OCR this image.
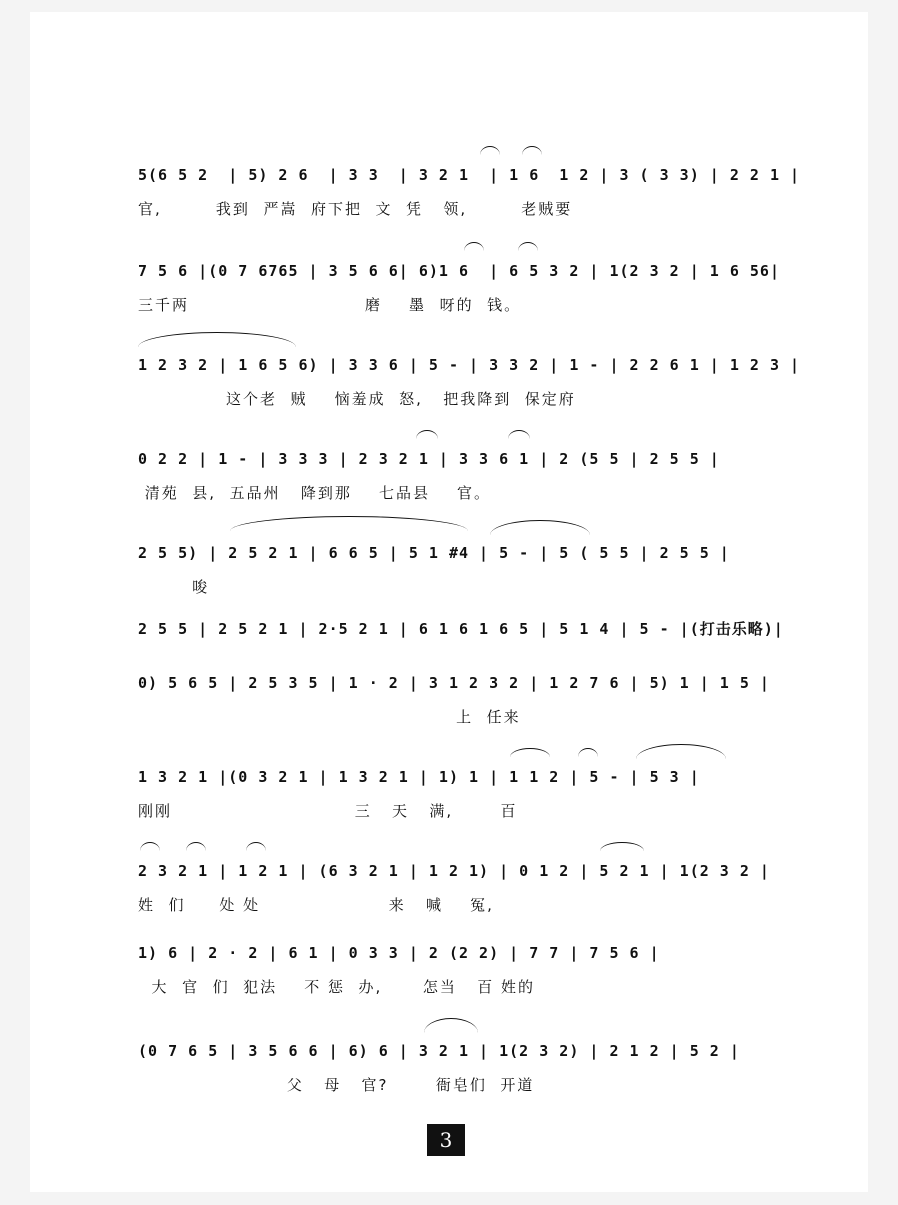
5(6 5 2  | 5) 2 6  | 3 3  | 3 2 1  | 1 6  1 2 | 3 ( 3 3) | 2 2 1 |
官,        我到  严嵩  府下把  文  凭   领,        老贼要
7 5 6 |(0 7 6765 | 3 5 6 6| 6)1 6  | 6 5 3 2 | 1(2 3 2 | 1 6 56|
三千两                          磨    墨  呀的  钱。
1 2 3 2 | 1 6 5 6) | 3 3 6 | 5 - | 3 3 2 | 1 - | 2 2 6 1 | 1 2 3 |
这个老  贼    恼羞成  怒,   把我降到  保定府
0 2 2 | 1 - | 3 3 3 | 2 3 2 1 | 3 3 6 1 | 2 (5 5 | 2 5 5 |
清苑  县,  五品州   降到那    七品县    官。
2 5 5) | 2 5 2 1 | 6 6 5 | 5 1 #4 | 5 - | 5 ( 5 5 | 2 5 5 |
唆
2 5 5 | 2 5 2 1 | 2·5 2 1 | 6 1 6 1 6 5 | 5 1 4 | 5 - |(打击乐略)|
0) 5 6 5 | 2 5 3 5 | 1 · 2 | 3 1 2 3 2 | 1 2 7 6 | 5) 1 | 1 5 |
上  任来
1 3 2 1 |(0 3 2 1 | 1 3 2 1 | 1) 1 | 1 1 2 | 5 - | 5 3 |
刚刚                           三   天   满,       百
2 3 2 1 | 1 2 1 | (6 3 2 1 | 1 2 1) | 0 1 2 | 5 2 1 | 1(2 3 2 |
姓  们     处 处                   来   喊    冤,
1) 6 | 2 · 2 | 6 1 | 0 3 3 | 2 (2 2) | 7 7 | 7 5 6 |
大  官  们  犯法    不 惩  办,      怎当   百 姓的
(0 7 6 5 | 3 5 6 6 | 6) 6 | 3 2 1 | 1(2 3 2) | 2 1 2 | 5 2 |
父   母   官?       衙皂们  开道
3
